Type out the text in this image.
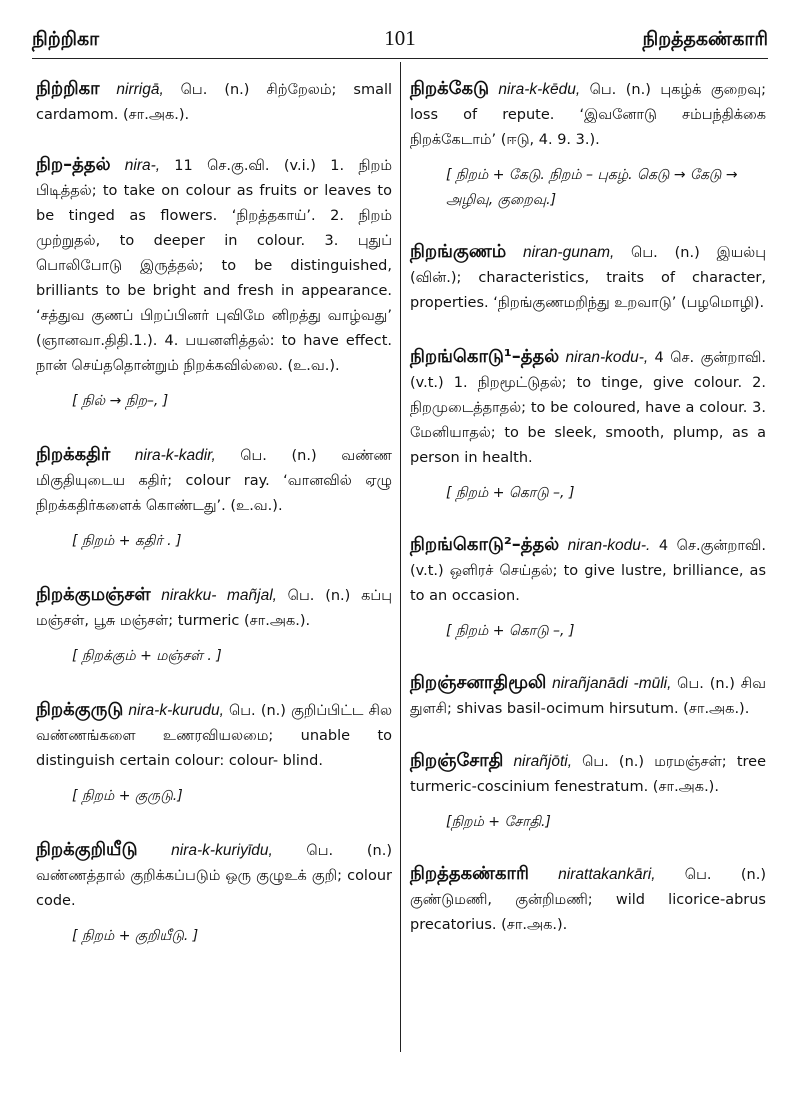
நிற்றிகா	101	நிறத்தகண்காரி
நிற்றிகா nirrigā, பெ. (n.) சிற்றேலம்; small cardamom. (சா.அக.).
நிற–த்தல் nira-, 11 செ.கு.வி. (v.i.) 1. நிறம் பிடித்தல்; to take on colour as fruits or leaves to be tinged as flowers. ‘நிறத்தகாய்’. 2. நிறம் முற்றுதல், to deeper in colour. 3. புதுப் பொலிபோடு இருத்தல்; to be distinguished, brilliants to be bright and fresh in appearance. ‘சத்துவ குணப் பிறப்பினர் புவிமே னிறத்து வாழ்வது’ (ஞானவா.திதி.1.). 4. பயனளித்தல்: to have effect. நான் செய்ததொன்றும் நிறக்கவில்லை. (உ.வ.).
[ நில் → நிற–, ]
நிறக்கதிர் nira-k-kadir, பெ. (n.) வண்ண மிகுதியுடைய கதிர்; colour ray. ‘வானவில் ஏழு நிறக்கதிர்களைக் கொண்டது’. (உ.வ.).
[ நிறம் + கதிர் . ]
நிறக்குமஞ்சள் nirakku- mañjal, பெ. (n.) கப்பு மஞ்சள், பூசு மஞ்சள்; turmeric (சா.அக.).
[ நிறக்கும் + மஞ்சள் . ]
நிறக்குருடு nira-k-kurudu, பெ. (n.) குறிப்பிட்ட சில வண்ணங்களை உணரவியலமை; unable to distinguish certain colour: colour- blind.
[ நிறம் + குருடு.]
நிறக்குறியீடு nira-k-kuriyīdu, பெ. (n.) வண்ணத்தால் குறிக்கப்படும் ஒரு குழுஉக் குறி; colour code.
[ நிறம் + குறியீடு. ]
நிறக்கேடு nira-k-kēdu, பெ. (n.) புகழ்க் குறைவு; loss of repute. ‘இவனோடு சம்பந்திக்கை நிறக்கேடாம்’ (ஈடு, 4. 9. 3.).
[ நிறம் + கேடு. நிறம் – புகழ். கெடு → கேடு → அழிவு, குறைவு.]
நிறங்குணம் niran-gunam, பெ. (n.) இயல்பு (வின்.); characteristics, traits of character, properties. ‘நிறங்குணமறிந்து உறவாடு’ (பழமொழி).
நிறங்கொடு¹–த்தல் niran-kodu-, 4 செ. குன்றாவி. (v.t.) 1. நிறமூட்டுதல்; to tinge, give colour. 2. நிறமுடைத்தாதல்; to be coloured, have a colour. 3. மேனியாதல்; to be sleek, smooth, plump, as a person in health.
[ நிறம் + கொடு –, ]
நிறங்கொடு²–த்தல் niran-kodu-. 4 செ.குன்றாவி. (v.t.) ஒளிரச் செய்தல்; to give lustre, brilliance, as to an occasion.
[ நிறம் + கொடு –, ]
நிறஞ்சனாதிமூலி nirañjanādi -mūli, பெ. (n.) சிவ துளசி; shivas basil-ocimum hirsutum. (சா.அக.).
நிறஞ்சோதி nirañjōti, பெ. (n.) மரமஞ்சள்; tree turmeric-coscinium fenestratum. (சா.அக.).
[நிறம் + சோதி.]
நிறத்தகண்காரி nirattakankāri, பெ. (n.) குண்டுமணி, குன்றிமணி; wild licorice-abrus precatorius. (சா.அக.).
